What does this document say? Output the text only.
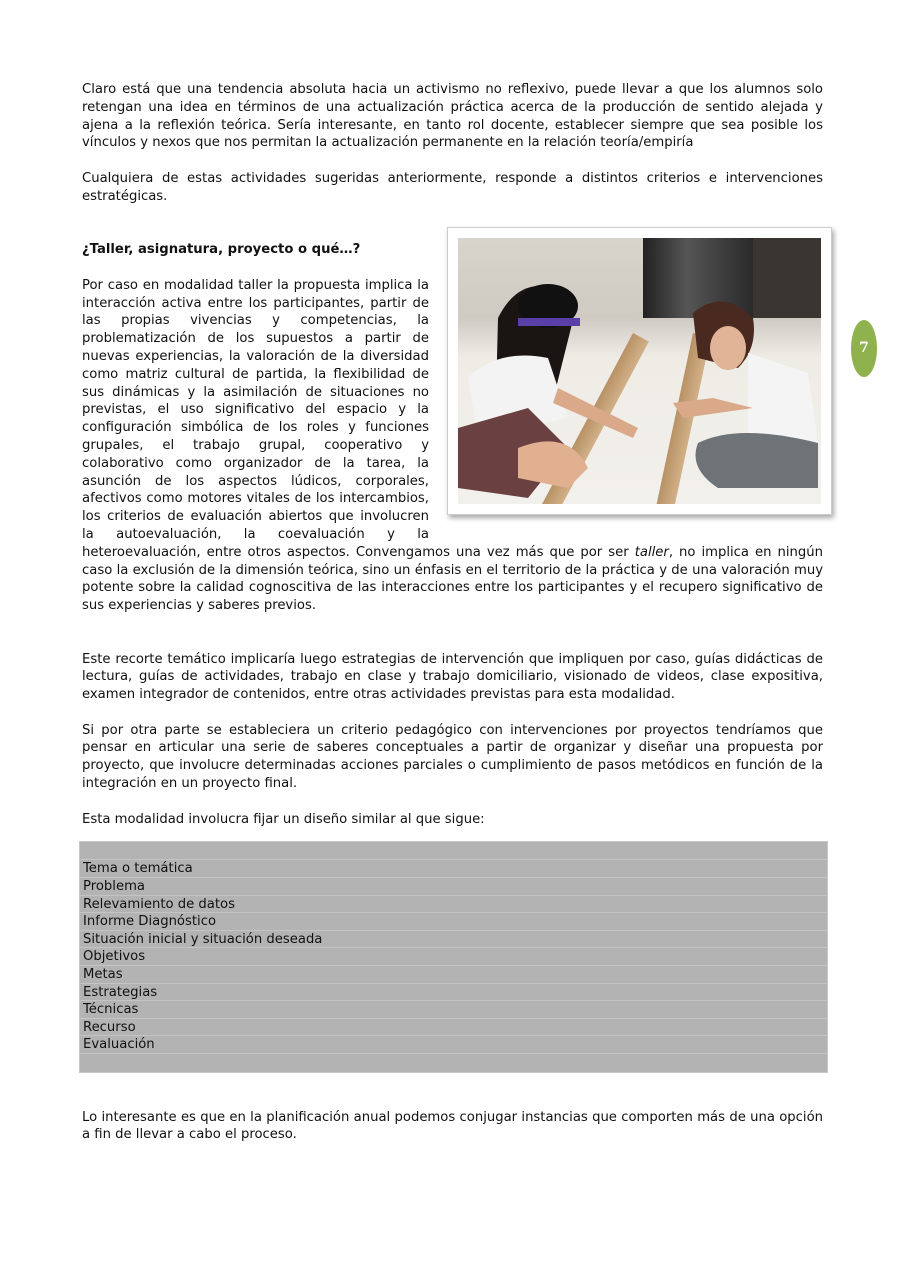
7

Claro está que una tendencia absoluta hacia un activismo no reflexivo, puede llevar a que los alumnos solo retengan una idea en términos de una actualización práctica acerca de la producción de sentido alejada y ajena a la reflexión teórica. Sería interesante, en tanto rol docente, establecer siempre que sea posible los vínculos y nexos que nos permitan la actualización permanente en la relación teoría/empiría

Cualquiera de estas actividades sugeridas anteriormente, responde a distintos criterios e intervenciones estratégicas.

¿Taller, asignatura, proyecto o qué…?

Por caso en modalidad taller la propuesta implica la interacción activa entre los participantes, partir de las propias vivencias y competencias, la problematización de los supuestos a partir de nuevas experiencias, la valoración de la diversidad como matriz cultural de partida, la flexibilidad de sus dinámicas y la asimilación de situaciones no previstas, el uso significativo del espacio y la configuración simbólica de los roles y funciones grupales, el trabajo grupal, cooperativo y colaborativo como organizador de la tarea, la asunción de los aspectos lúdicos, corporales, afectivos como motores vitales de los intercambios, los criterios de evaluación abiertos que involucren la autoevaluación, la coevaluación y la heteroevaluación, entre otros aspectos. Convengamos una vez más que por ser taller, no implica en ningún caso la exclusión de la dimensión teórica, sino un énfasis en el territorio de la práctica y de una valoración muy potente sobre la calidad cognoscitiva de las interacciones entre los participantes y el recupero significativo de sus experiencias y saberes previos.

Este recorte temático implicaría luego estrategias de intervención que impliquen por caso, guías didácticas de lectura, guías de actividades, trabajo en clase y trabajo domiciliario, visionado de videos, clase expositiva, examen integrador de contenidos, entre otras actividades previstas para esta modalidad.

Si por otra parte se estableciera un criterio pedagógico con intervenciones por proyectos tendríamos que pensar en articular una serie de saberes conceptuales a partir de organizar y diseñar una propuesta por proyecto, que involucre determinadas acciones parciales o cumplimiento de pasos metódicos en función de la integración en un proyecto final.

Esta modalidad involucra fijar un diseño similar al que sigue:

Tema o temática
Problema
Relevamiento de datos
Informe Diagnóstico
Situación inicial y situación deseada
Objetivos
Metas
Estrategias
Técnicas
Recurso
Evaluación

Lo interesante es que en la planificación anual podemos conjugar instancias que comporten más de una opción a fin de llevar a cabo el proceso.
